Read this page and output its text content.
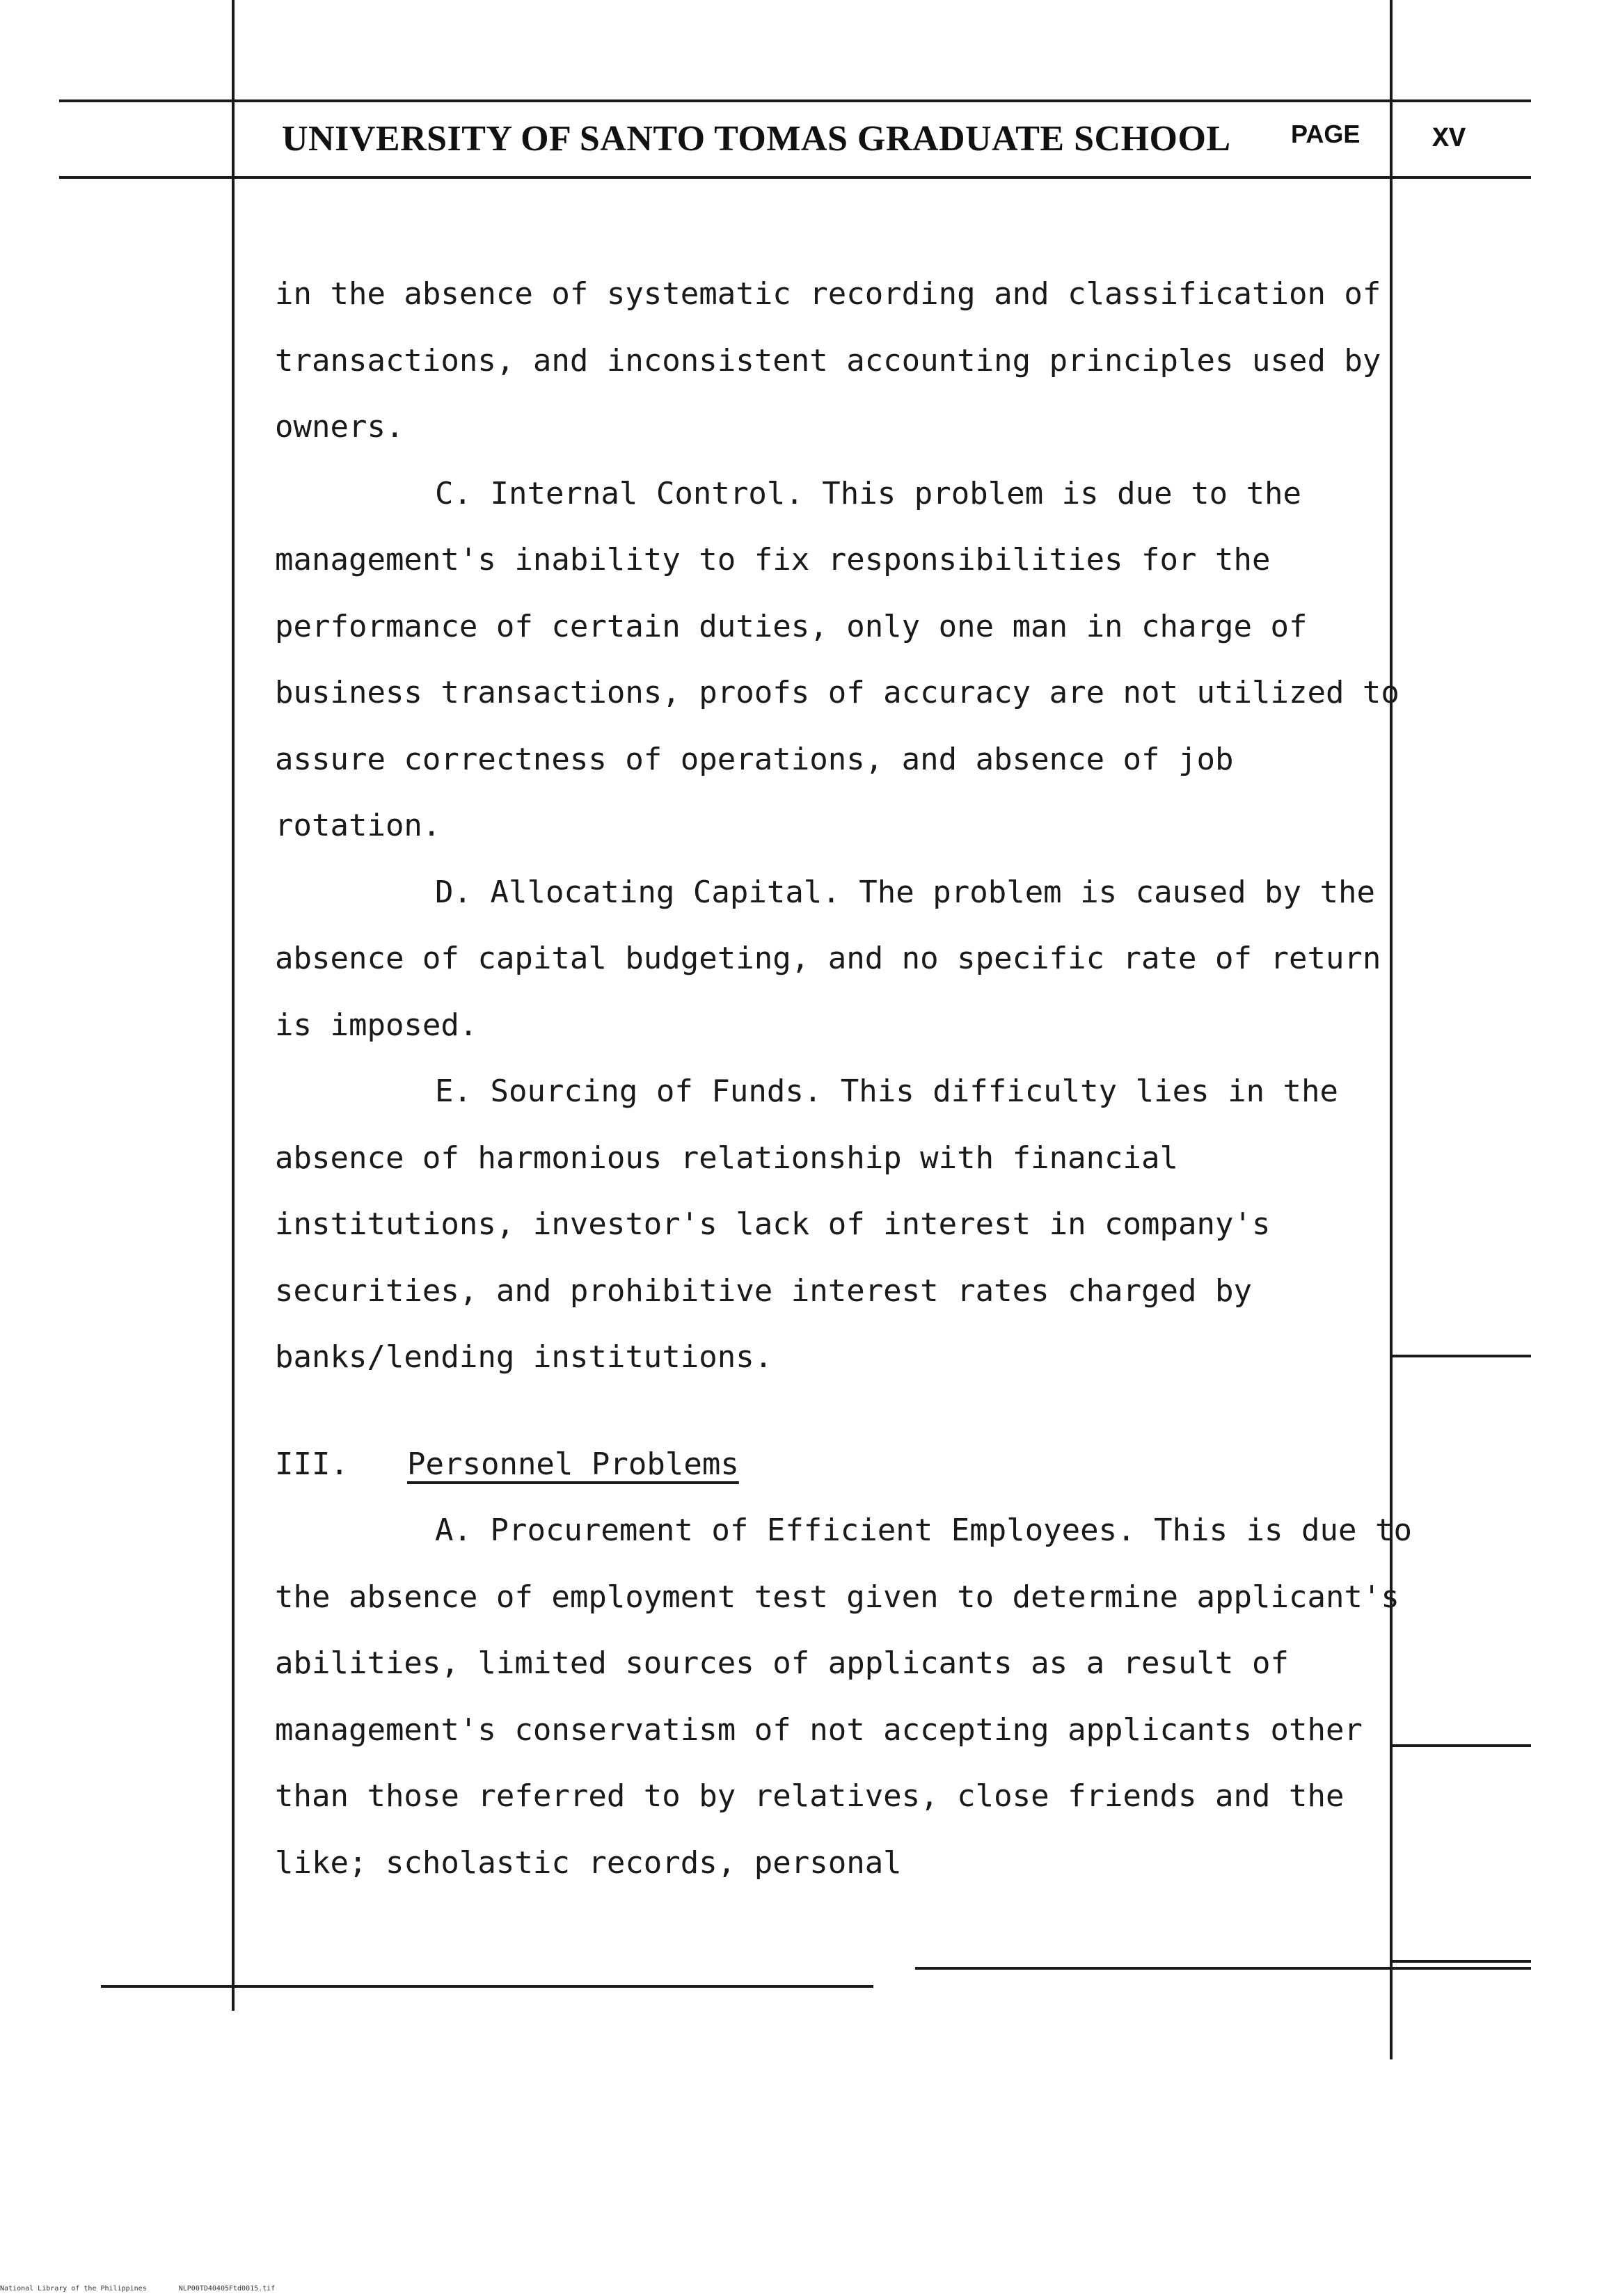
UNIVERSITY OF SANTO TOMAS GRADUATE SCHOOL PAGE	XV

in the absence of systematic recording and classification of transactions, and inconsistent accounting principles used by owners.

C. Internal Control. This problem is due to the management's inability to fix responsibilities for the performance of certain duties, only one man in charge of business transactions, proofs of accuracy are not utilized to assure correctness of operations, and absence of job rotation.

D. Allocating Capital. The problem is caused by the absence of capital budgeting, and no specific rate of return is imposed.

E. Sourcing of Funds. This difficulty lies in the absence of harmonious relationship with financial institutions, investor's lack of interest in company's securities, and prohibitive interest rates charged by banks/lending institutions.

III. Personnel Problems

A. Procurement of Efficient Employees. This is due to the absence of employment test given to determine applicant's abilities, limited sources of applicants as a result of management's conservatism of not accepting applicants other than those referred to by relatives, close friends and the like; scholastic records, personal

National Library of the Philippines	NLP00TD40405Ftd0015.tif
